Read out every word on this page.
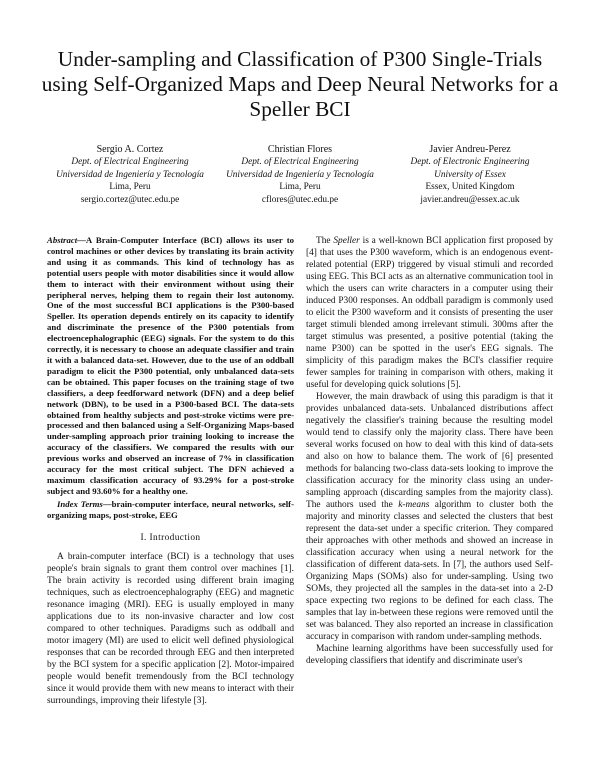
Under-sampling and Classification of P300 Single-Trials using Self-Organized Maps and Deep Neural Networks for a Speller BCI
Sergio A. Cortez
Dept. of Electrical Engineering
Universidad de Ingeniería y Tecnología
Lima, Peru
sergio.cortez@utec.edu.pe
Christian Flores
Dept. of Electrical Engineering
Universidad de Ingeniería y Tecnología
Lima, Peru
cflores@utec.edu.pe
Javier Andreu-Perez
Dept. of Electronic Engineering
University of Essex
Essex, United Kingdom
javier.andreu@essex.ac.uk
Abstract—A Brain-Computer Interface (BCI) allows its user to control machines or other devices by translating its brain activity and using it as commands. This kind of technology has as potential users people with motor disabilities since it would allow them to interact with their environment without using their peripheral nerves, helping them to regain their lost autonomy. One of the most successful BCI applications is the P300-based Speller. Its operation depends entirely on its capacity to identify and discriminate the presence of the P300 potentials from electroencephalographic (EEG) signals. For the system to do this correctly, it is necessary to choose an adequate classifier and train it with a balanced data-set. However, due to the use of an oddball paradigm to elicit the P300 potential, only unbalanced data-sets can be obtained. This paper focuses on the training stage of two classifiers, a deep feedforward network (DFN) and a deep belief network (DBN), to be used in a P300-based BCI. The data-sets obtained from healthy subjects and post-stroke victims were pre-processed and then balanced using a Self-Organizing Maps-based under-sampling approach prior training looking to increase the accuracy of the classifiers. We compared the results with our previous works and observed an increase of 7% in classification accuracy for the most critical subject. The DFN achieved a maximum classification accuracy of 93.29% for a post-stroke subject and 93.60% for a healthy one.
Index Terms—brain-computer interface, neural networks, self-organizing maps, post-stroke, EEG
I. Introduction

A brain-computer interface (BCI) is a technology that uses people's brain signals to grant them control over machines [1]. The brain activity is recorded using different brain imaging techniques, such as electroencephalography (EEG) and magnetic resonance imaging (MRI). EEG is usually employed in many applications due to its non-invasive character and low cost compared to other techniques. Paradigms such as oddball and motor imagery (MI) are used to elicit well defined physiological responses that can be recorded through EEG and then interpreted by the BCI system for a specific application [2]. Motor-impaired people would benefit tremendously from the BCI technology since it would provide them with new means to interact with their surroundings, improving their lifestyle [3].

The Speller is a well-known BCI application first proposed by [4] that uses the P300 waveform, which is an endogenous event-related potential (ERP) triggered by visual stimuli and recorded using EEG. This BCI acts as an alternative communication tool in which the users can write characters in a computer using their induced P300 responses. An oddball paradigm is commonly used to elicit the P300 waveform and it consists of presenting the user target stimuli blended among irrelevant stimuli. 300ms after the target stimulus was presented, a positive potential (taking the name P300) can be spotted in the user's EEG signals. The simplicity of this paradigm makes the BCI's classifier require fewer samples for training in comparison with others, making it useful for developing quick solutions [5].

However, the main drawback of using this paradigm is that it provides unbalanced data-sets. Unbalanced distributions affect negatively the classifier's training because the resulting model would tend to classify only the majority class. There have been several works focused on how to deal with this kind of data-sets and also on how to balance them. The work of [6] presented methods for balancing two-class data-sets looking to improve the classification accuracy for the minority class using an under-sampling approach (discarding samples from the majority class). The authors used the k-means algorithm to cluster both the majority and minority classes and selected the clusters that best represent the data-set under a specific criterion. They compared their approaches with other methods and showed an increase in classification accuracy when using a neural network for the classification of different data-sets. In [7], the authors used Self-Organizing Maps (SOMs) also for under-sampling. Using two SOMs, they projected all the samples in the data-set into a 2-D space expecting two regions to be defined for each class. The samples that lay in-between these regions were removed until the set was balanced. They also reported an increase in classification accuracy in comparison with random under-sampling methods.

Machine learning algorithms have been successfully used for developing classifiers that identify and discriminate user's
